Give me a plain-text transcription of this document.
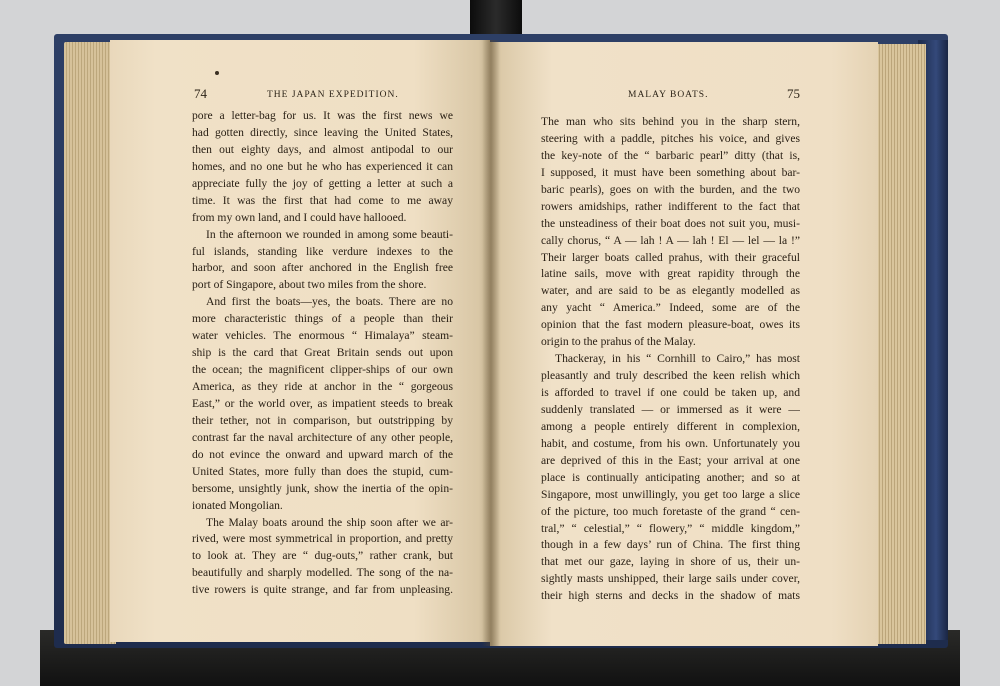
74	THE JAPAN EXPEDITION.	MALAY BOATS.	75
pore a letter-bag for us. It was the first news we
had gotten directly, since leaving the United States,
then out eighty days, and almost antipodal to our
homes, and no one but he who has experienced it can
appreciate fully the joy of getting a letter at such a
time. It was the first that had come to me away
from my own land, and I could have hallooed.
In the afternoon we rounded in among some beauti-
ful islands, standing like verdure indexes to the
harbor, and soon after anchored in the English free
port of Singapore, about two miles from the shore.
And first the boats—yes, the boats. There are no
more characteristic things of a people than their
water vehicles. The enormous “ Himalaya” steam-
ship is the card that Great Britain sends out upon
the ocean; the magnificent clipper-ships of our own
America, as they ride at anchor in the “ gorgeous
East,” or the world over, as impatient steeds to break
their tether, not in comparison, but outstripping by
contrast far the naval architecture of any other people,
do not evince the onward and upward march of the
United States, more fully than does the stupid, cum-
bersome, unsightly junk, show the inertia of the opin-
ionated Mongolian.
The Malay boats around the ship soon after we ar-
rived, were most symmetrical in proportion, and pretty
to look at. They are “ dug-outs,” rather crank, but
beautifully and sharply modelled. The song of the na-
tive rowers is quite strange, and far from unpleasing.
The man who sits behind you in the sharp stern,
steering with a paddle, pitches his voice, and gives
the key-note of the “ barbaric pearl” ditty (that is,
I supposed, it must have been something about bar-
baric pearls), goes on with the burden, and the two
rowers amidships, rather indifferent to the fact that
the unsteadiness of their boat does not suit you, musi-
cally chorus, “ A — lah ! A — lah ! El — lel — la !”
Their larger boats called prahus, with their graceful
latine sails, move with great rapidity through the
water, and are said to be as elegantly modelled as
any yacht “ America.” Indeed, some are of the
opinion that the fast modern pleasure-boat, owes its
origin to the prahus of the Malay.
Thackeray, in his “ Cornhill to Cairo,” has most
pleasantly and truly described the keen relish which
is afforded to travel if one could be taken up, and
suddenly translated — or immersed as it were —
among a people entirely different in complexion,
habit, and costume, from his own. Unfortunately you
are deprived of this in the East; your arrival at one
place is continually anticipating another; and so at
Singapore, most unwillingly, you get too large a slice
of the picture, too much foretaste of the grand “ cen-
tral,” “ celestial,” “ flowery,” “ middle kingdom,”
though in a few days’ run of China. The first thing
that met our gaze, laying in shore of us, their un-
sightly masts unshipped, their large sails under cover,
their high sterns and decks in the shadow of mats
